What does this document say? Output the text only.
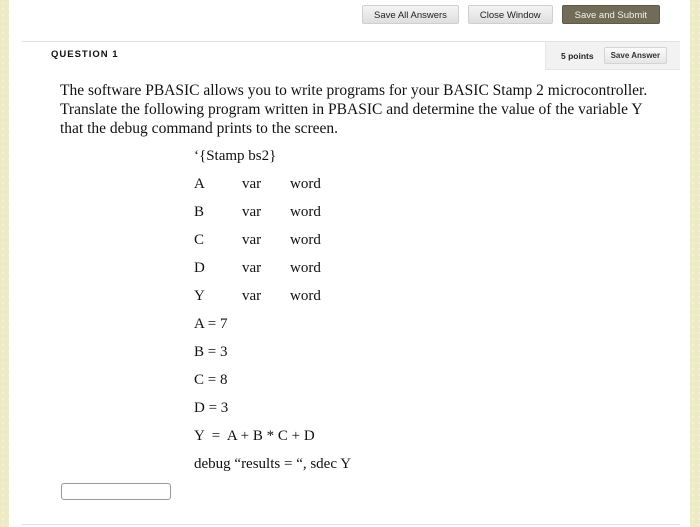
Save All Answers	Close Window	Save and Submit
QUESTION 1	5 points	Save Answer
The software PBASIC allows you to write programs for your BASIC Stamp 2 microcontroller. Translate the following program written in PBASIC and determine the value of the variable Y that the debug command prints to the screen.
‘{Stamp bs2}
A var word
B	var word
C	var word
D var word
Y var word
A = 7
B = 3
C = 8
D = 3
Y  =  A + B * C + D
debug “results = “, sdec Y
